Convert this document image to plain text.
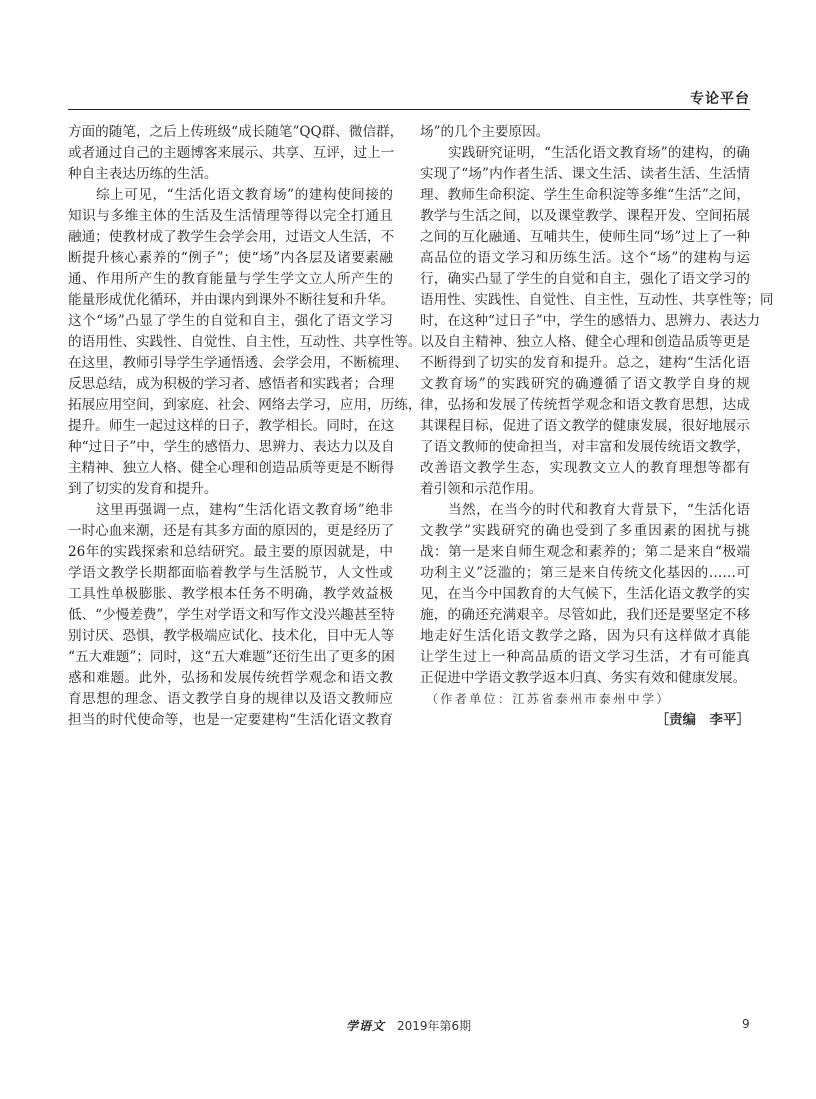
专论平台
方面的随笔，之后上传班级“成长随笔”QQ群、微信群，
或者通过自己的主题博客来展示、共享、互评，过上一
种自主表达历练的生活。
综上可见，“生活化语文教育场”的建构使间接的
知识与多维主体的生活及生活情理等得以完全打通且
融通；使教材成了教学生会学会用，过语文人生活，不
断提升核心素养的“例子”；使“场”内各层及诸要素融
通、作用所产生的教育能量与学生学文立人所产生的
能量形成优化循环，并由课内到课外不断往复和升华。
这个“场”凸显了学生的自觉和自主，强化了语文学习
的语用性、实践性、自觉性、自主性，互动性、共享性等。
在这里，教师引导学生学通悟透、会学会用，不断梳理、
反思总结，成为积极的学习者、感悟者和实践者；合理
拓展应用空间，到家庭、社会、网络去学习，应用，历练，
提升。师生一起过这样的日子，教学相长。同时，在这
种“过日子”中，学生的感悟力、思辨力、表达力以及自
主精神、独立人格、健全心理和创造品质等更是不断得
到了切实的发育和提升。
这里再强调一点，建构“生活化语文教育场”绝非
一时心血来潮，还是有其多方面的原因的，更是经历了
26年的实践探索和总结研究。最主要的原因就是，中
学语文教学长期都面临着教学与生活脱节，人文性或
工具性单极膨胀、教学根本任务不明确，教学效益极
低、“少慢差费”，学生对学语文和写作文没兴趣甚至特
别讨厌、恐惧，教学极端应试化、技术化，目中无人等
“五大难题”；同时，这“五大难题”还衍生出了更多的困
惑和难题。此外，弘扬和发展传统哲学观念和语文教
育思想的理念、语文教学自身的规律以及语文教师应
担当的时代使命等，也是一定要建构“生活化语文教育
场”的几个主要原因。
实践研究证明，“生活化语文教育场”的建构，的确
实现了“场”内作者生活、课文生活、读者生活、生活情
理、教师生命积淀、学生生命积淀等多维“生活”之间，
教学与生活之间，以及课堂教学、课程开发、空间拓展
之间的互化融通、互哺共生，使师生同“场”过上了一种
高品位的语文学习和历练生活。这个“场”的建构与运
行，确实凸显了学生的自觉和自主，强化了语文学习的
语用性、实践性、自觉性、自主性，互动性、共享性等；同
时，在这种“过日子”中，学生的感悟力、思辨力、表达力
以及自主精神、独立人格、健全心理和创造品质等更是
不断得到了切实的发育和提升。总之，建构“生活化语
文教育场”的实践研究的确遵循了语文教学自身的规
律，弘扬和发展了传统哲学观念和语文教育思想，达成
其课程目标，促进了语文教学的健康发展，很好地展示
了语文教师的使命担当，对丰富和发展传统语文教学，
改善语文教学生态，实现教文立人的教育理想等都有
着引领和示范作用。
当然，在当今的时代和教育大背景下，“生活化语
文教学”实践研究的确也受到了多重因素的困扰与挑
战：第一是来自师生观念和素养的；第二是来自“极端
功利主义”泛滥的；第三是来自传统文化基因的……可
见，在当今中国教育的大气候下，生活化语文教学的实
施，的确还充满艰辛。尽管如此，我们还是要坚定不移
地走好生活化语文教学之路，因为只有这样做才真能
让学生过上一种高品质的语文学习生活，才有可能真
正促进中学语文教学返本归真、务实有效和健康发展。
（作者单位：江苏省泰州市泰州中学）
［责编　李平］
学语文 2019年第6期	9
